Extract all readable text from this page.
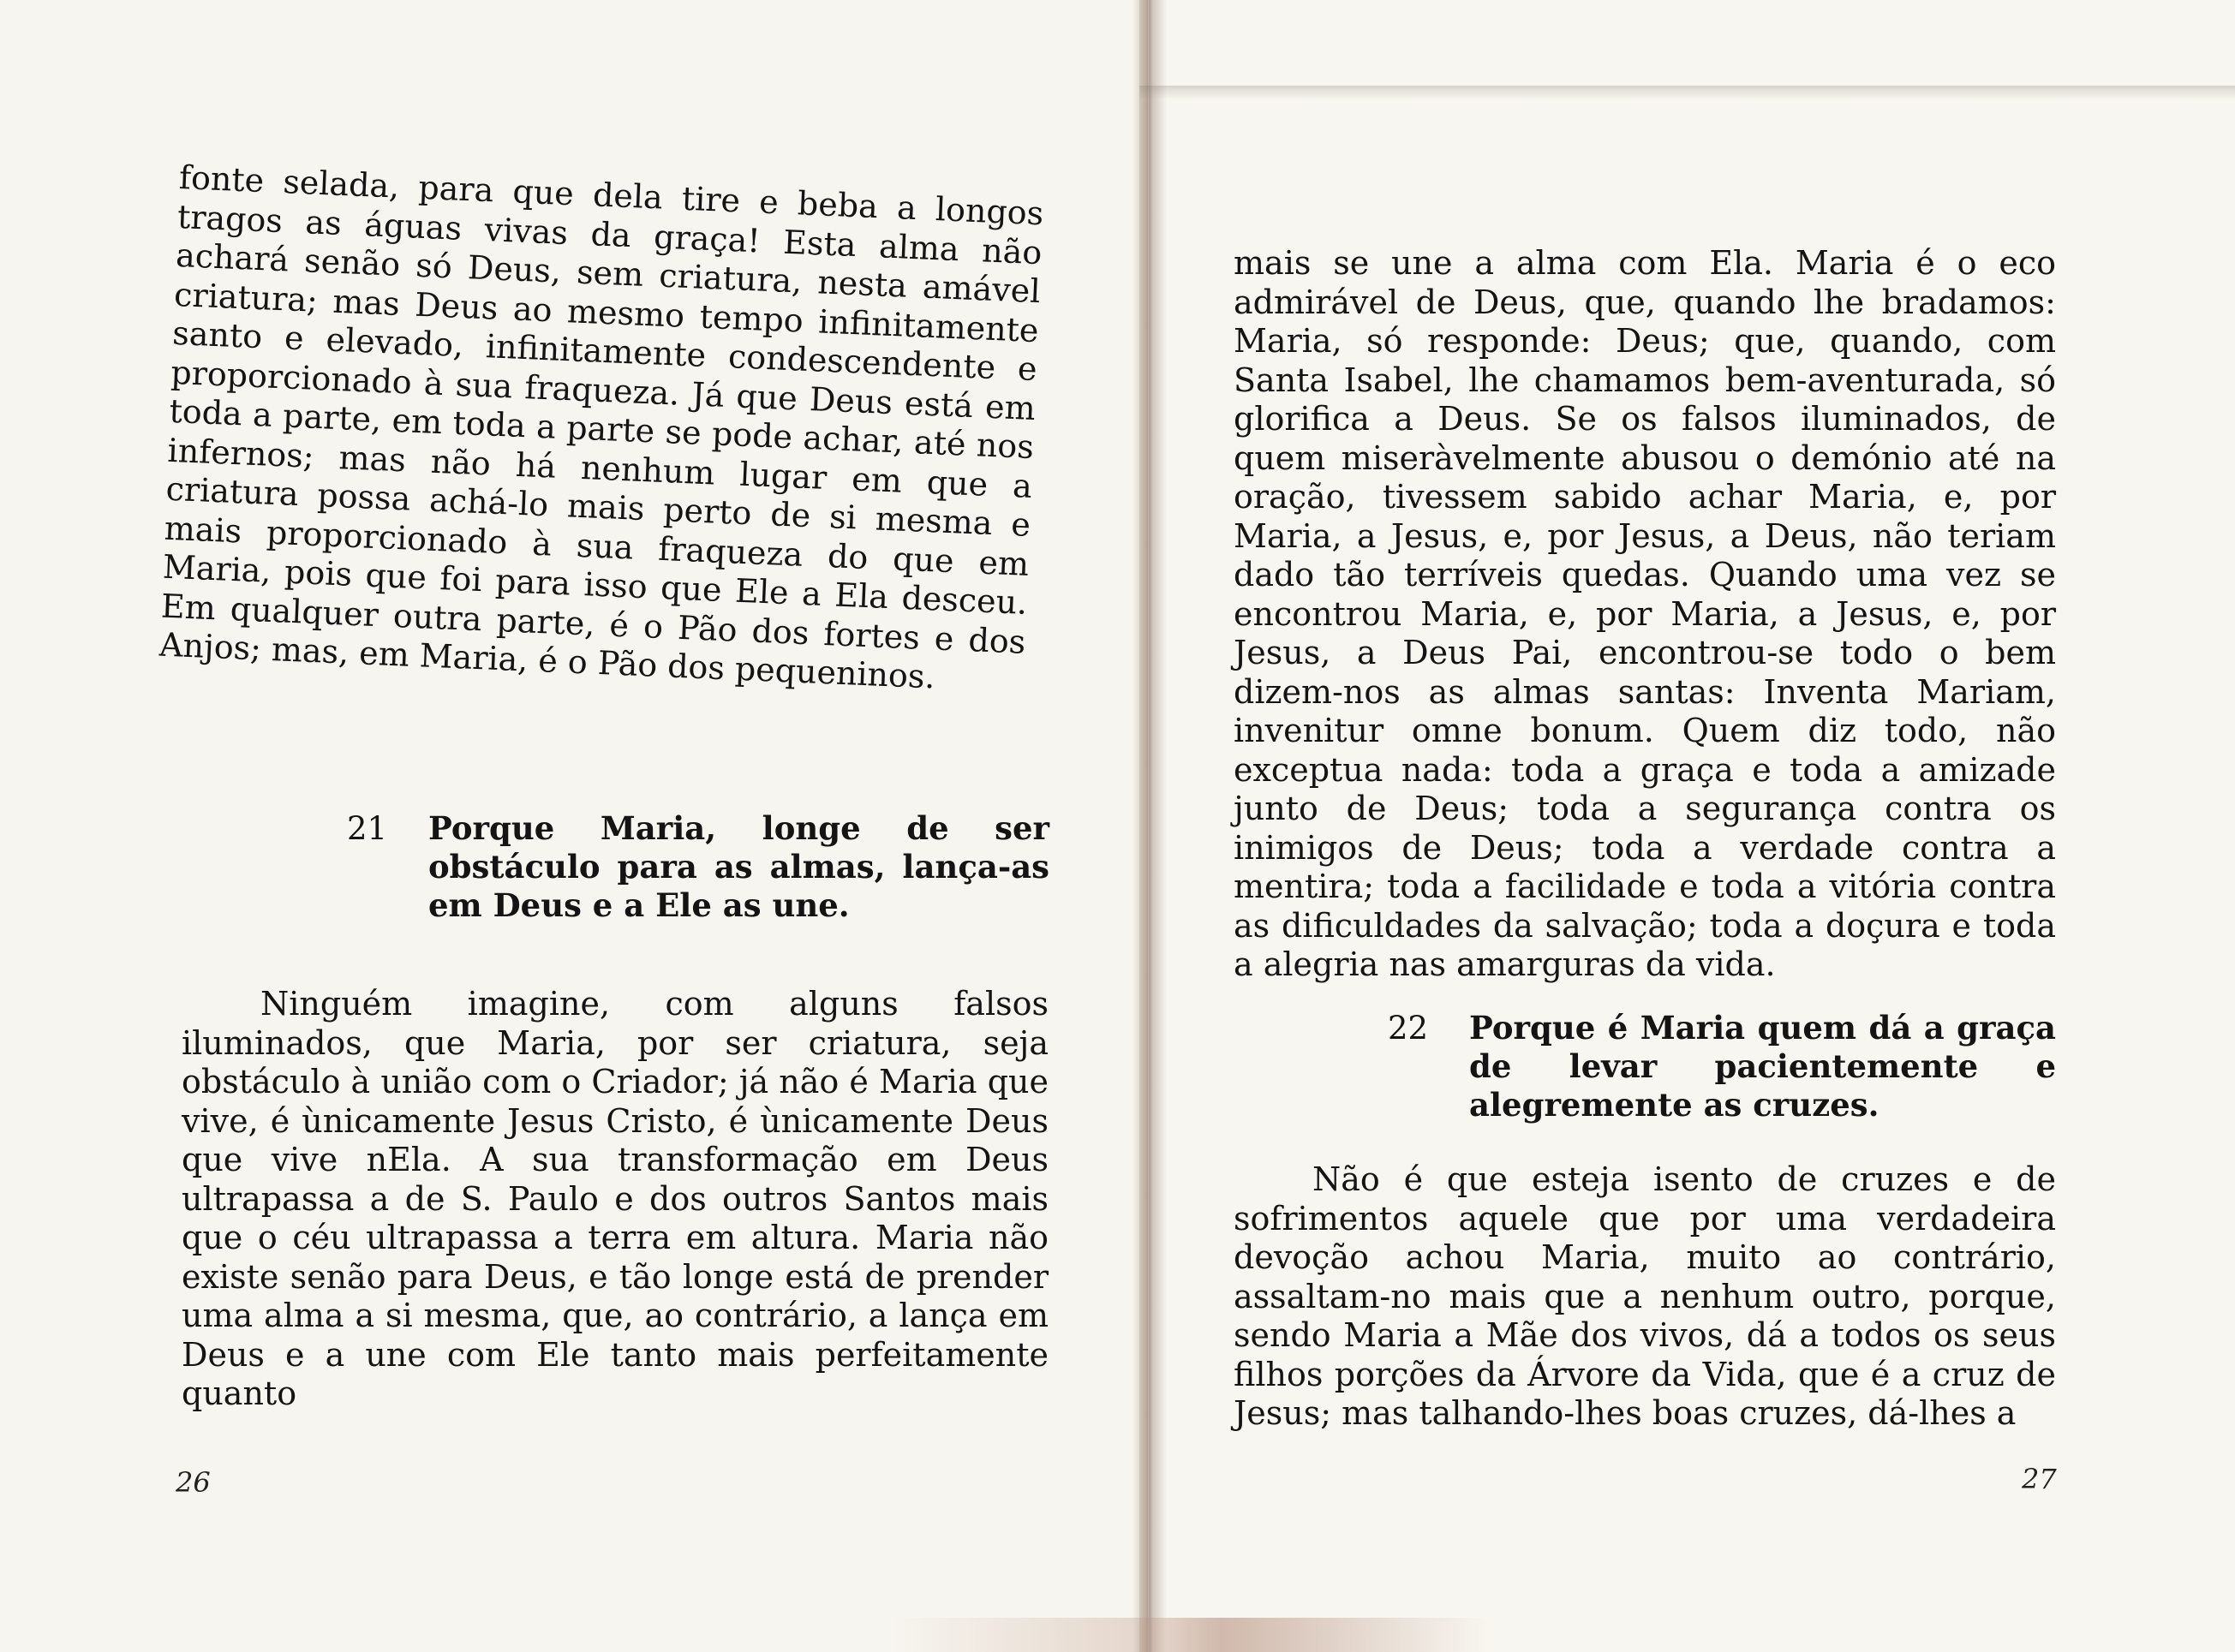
fonte selada, para que dela tire e beba a longos tragos as águas vivas da graça! Esta alma não achará senão só Deus, sem criatura, nesta amável criatura; mas Deus ao mesmo tempo infinitamente santo e elevado, infinitamente condescendente e proporcionado à sua fraqueza. Já que Deus está em toda a parte, em toda a parte se pode achar, até nos infernos; mas não há nenhum lugar em que a criatura possa achá-lo mais perto de si mesma e mais proporcionado à sua fraqueza do que em Maria, pois que foi para isso que Ele a Ela desceu. Em qualquer outra parte, é o Pão dos fortes e dos Anjos; mas, em Maria, é o Pão dos pequeninos.

21 Porque Maria, longe de ser obstáculo para as almas, lança-as em Deus e a Ele as une.

Ninguém imagine, com alguns falsos iluminados, que Maria, por ser criatura, seja obstáculo à união com o Criador; já não é Maria que vive, é ùnicamente Jesus Cristo, é ùnicamente Deus que vive nEla. A sua transformação em Deus ultrapassa a de S. Paulo e dos outros Santos mais que o céu ultrapassa a terra em altura. Maria não existe senão para Deus, e tão longe está de prender uma alma a si mesma, que, ao contrário, a lança em Deus e a une com Ele tanto mais perfeitamente quanto

26

mais se une a alma com Ela. Maria é o eco admirável de Deus, que, quando lhe bradamos: Maria, só responde: Deus; que, quando, com Santa Isabel, lhe chamamos bem-aventurada, só glorifica a Deus. Se os falsos iluminados, de quem miseràvelmente abusou o demónio até na oração, tivessem sabido achar Maria, e, por Maria, a Jesus, e, por Jesus, a Deus, não teriam dado tão terríveis quedas. Quando uma vez se encontrou Maria, e, por Maria, a Jesus, e, por Jesus, a Deus Pai, encontrou-se todo o bem dizem-nos as almas santas: Inventa Mariam, invenitur omne bonum. Quem diz todo, não exceptua nada: toda a graça e toda a amizade junto de Deus; toda a segurança contra os inimigos de Deus; toda a verdade contra a mentira; toda a facilidade e toda a vitória contra as dificuldades da salvação; toda a doçura e toda a alegria nas amarguras da vida.

22 Porque é Maria quem dá a graça de levar pacientemente e alegremente as cruzes.

Não é que esteja isento de cruzes e de sofrimentos aquele que por uma verdadeira devoção achou Maria, muito ao contrário, assaltam-no mais que a nenhum outro, porque, sendo Maria a Mãe dos vivos, dá a todos os seus filhos porções da Árvore da Vida, que é a cruz de Jesus; mas talhando-lhes boas cruzes, dá-lhes a

27
